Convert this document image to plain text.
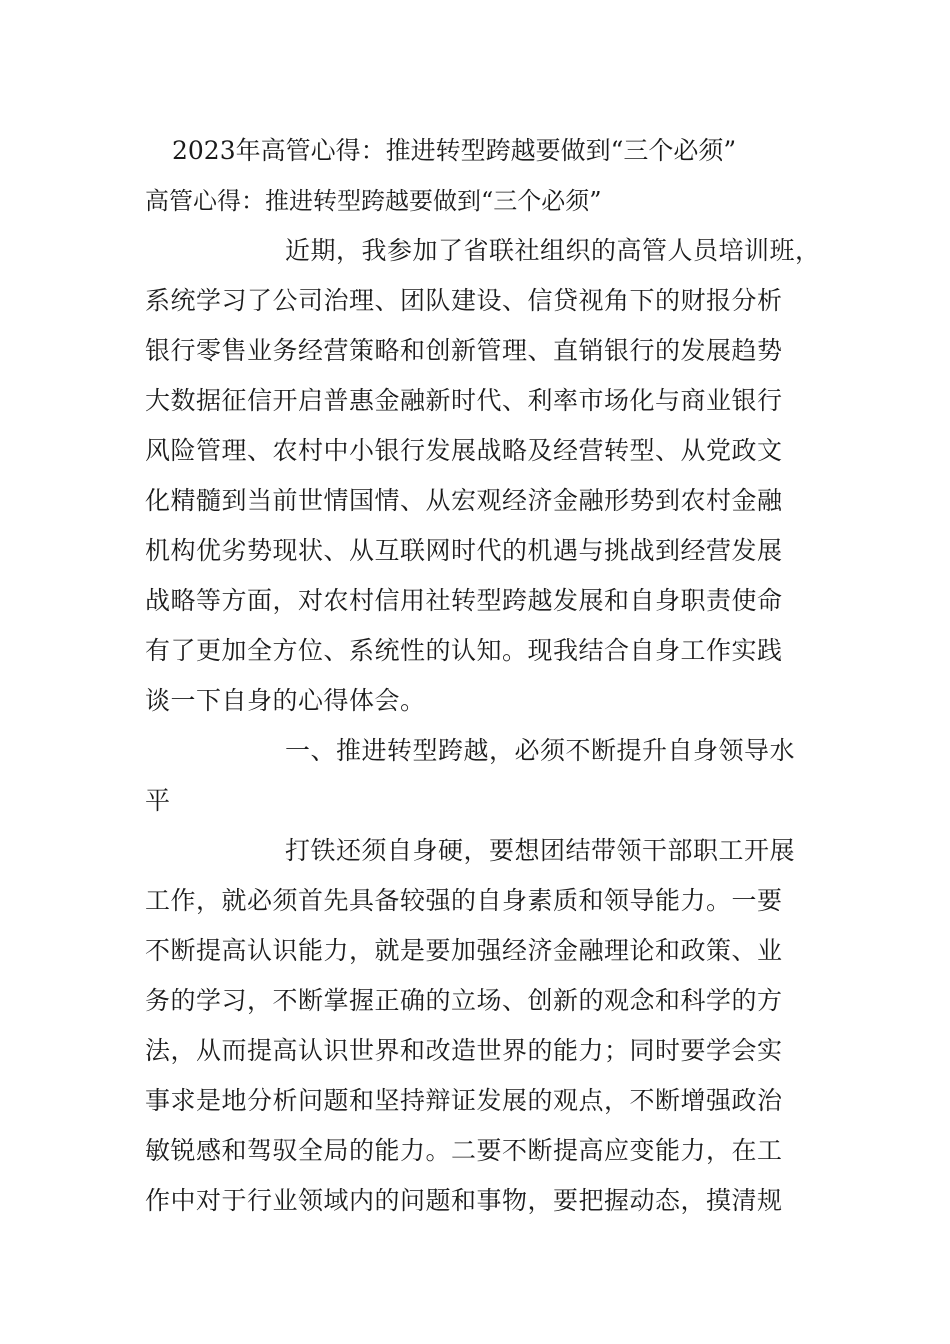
2023年高管心得：推进转型跨越要做到“三个必须”
高管心得：推进转型跨越要做到“三个必须”
近期，我参加了省联社组织的高管人员培训班，
系统学习了公司治理、团队建设、信贷视角下的财报分析
银行零售业务经营策略和创新管理、直销银行的发展趋势
大数据征信开启普惠金融新时代、利率市场化与商业银行
风险管理、农村中小银行发展战略及经营转型、从党政文
化精髓到当前世情国情、从宏观经济金融形势到农村金融
机构优劣势现状、从互联网时代的机遇与挑战到经营发展
战略等方面，对农村信用社转型跨越发展和自身职责使命
有了更加全方位、系统性的认知。现我结合自身工作实践
谈一下自身的心得体会。
一、推进转型跨越，必须不断提升自身领导水
平
打铁还须自身硬，要想团结带领干部职工开展
工作，就必须首先具备较强的自身素质和领导能力。一要
不断提高认识能力，就是要加强经济金融理论和政策、业
务的学习，不断掌握正确的立场、创新的观念和科学的方
法，从而提高认识世界和改造世界的能力；同时要学会实
事求是地分析问题和坚持辩证发展的观点，不断增强政治
敏锐感和驾驭全局的能力。二要不断提高应变能力，在工
作中对于行业领域内的问题和事物，要把握动态，摸清规
